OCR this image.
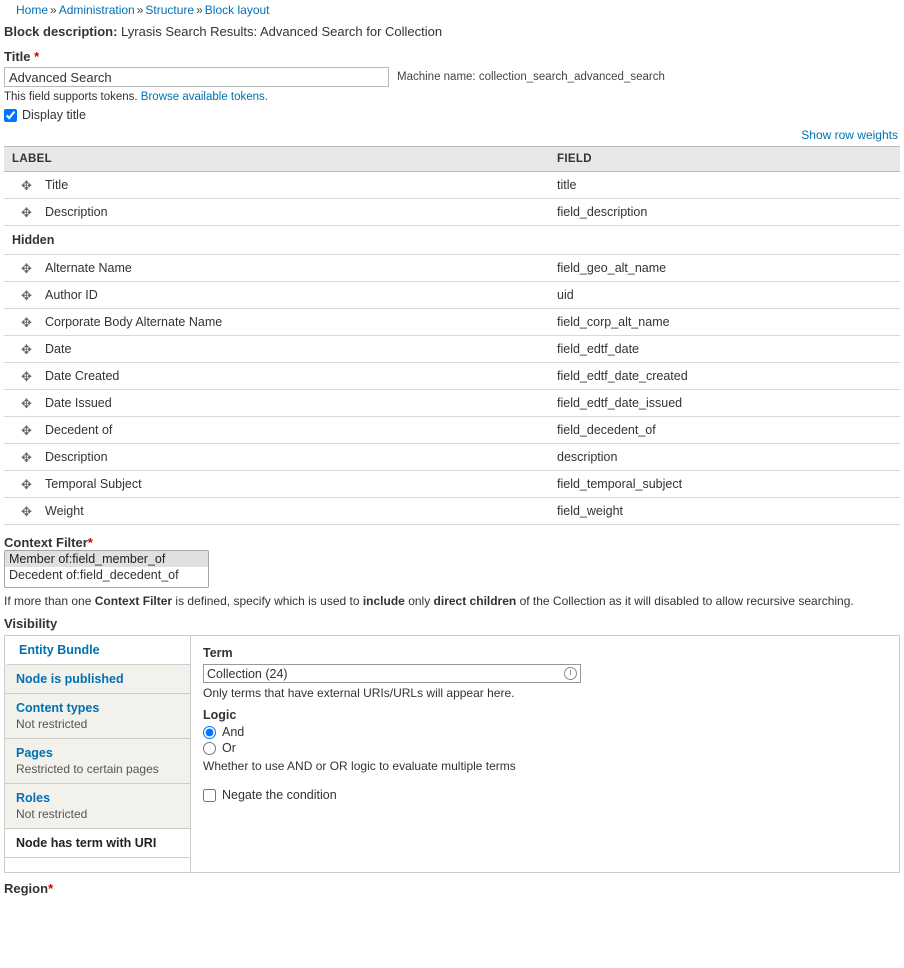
Home » Administration » Structure » Block layout
Block description: Lyrasis Search Results: Advanced Search for Collection
Title *
Advanced Search
Machine name: collection_search_advanced_search
This field supports tokens. Browse available tokens.
Display title
Show row weights
LABEL	FIELD

✥ Title	title

✥ Description	field_description
Hidden	

✥ Alternate Name	field_geo_alt_name

✥ Author ID	uid

✥ Corporate Body Alternate Name	field_corp_alt_name

✥ Date	field_edtf_date

✥ Date Created	field_edtf_date_created

✥ Date Issued	field_edtf_date_issued

✥ Decedent of	field_decedent_of

✥ Description	description

✥ Temporal Subject	field_temporal_subject

✥ Weight	field_weight
Context Filter*
Member of:field_member_of
If more than one Context Filter is defined, specify which is used to include only direct children of the Collection as it will disabled to allow recursive searching.
Visibility
Entity Bundle
Node is published
Content types
Not restricted
Pages
Restricted to certain pages
Roles
Not restricted
Node has term with URI
Term
Collection (24)
Only terms that have external URIs/URLs will appear here.
Logic
And
Or
Whether to use AND or OR logic to evaluate multiple terms
Negate the condition
Region*
